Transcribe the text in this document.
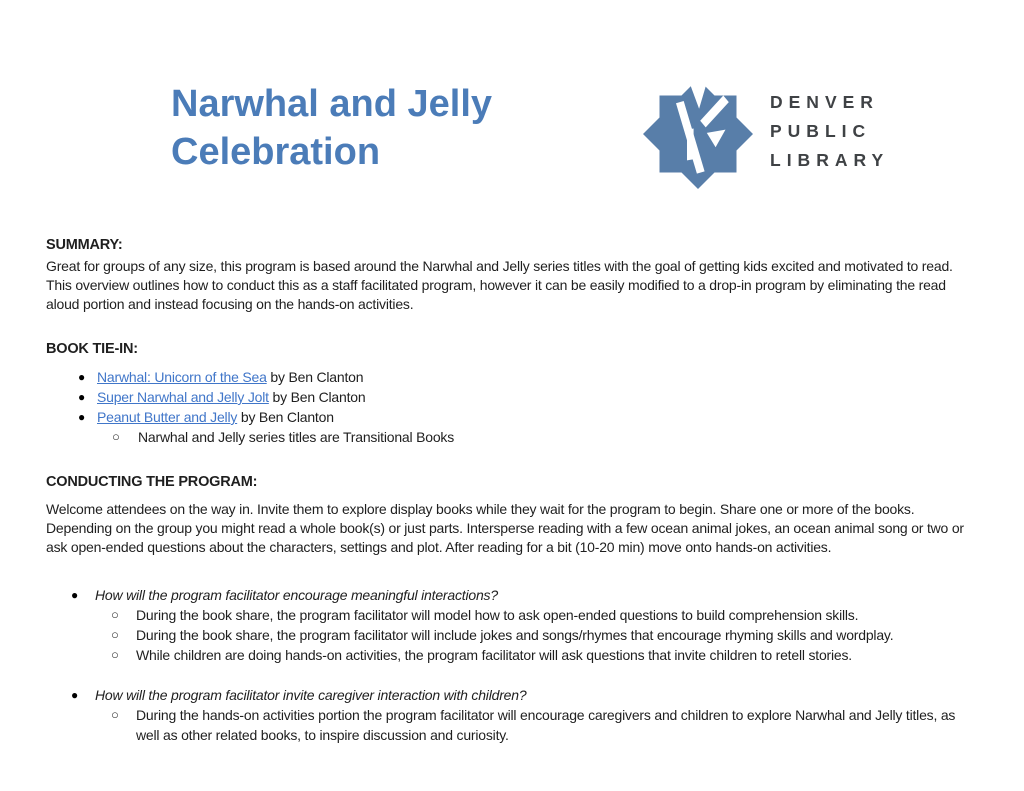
Narwhal and Jelly
Celebration
DENVER
PUBLIC
LIBRARY
SUMMARY:

Great for groups of any size, this program is based around the Narwhal and Jelly series titles with the goal of getting kids excited and motivated to read. This overview outlines how to conduct this as a staff facilitated program, however it can be easily modified to a drop-in program by eliminating the read aloud portion and instead focusing on the hands-on activities.

BOOK TIE-IN:
● Narwhal: Unicorn of the Sea by Ben Clanton
● Super Narwhal and Jelly Jolt by Ben Clanton
● Peanut Butter and Jelly by Ben Clanton
○ Narwhal and Jelly series titles are Transitional Books
CONDUCTING THE PROGRAM:

Welcome attendees on the way in. Invite them to explore display books while they wait for the program to begin. Share one or more of the books. Depending on the group you might read a whole book(s) or just parts. Intersperse reading with a few ocean animal jokes, an ocean animal song or two or ask open-ended questions about the characters, settings and plot. After reading for a bit (10-20 min) move onto hands-on activities.

● How will the program facilitator encourage meaningful interactions?
○ During the book share, the program facilitator will model how to ask open-ended questions to build comprehension skills.
○ During the book share, the program facilitator will include jokes and songs/rhymes that encourage rhyming skills and wordplay.
○ While children are doing hands-on activities, the program facilitator will ask questions that invite children to retell stories.
● How will the program facilitator invite caregiver interaction with children?
○ During the hands-on activities portion the program facilitator will encourage caregivers and children to explore Narwhal and Jelly titles, as well as other related books, to inspire discussion and curiosity.
